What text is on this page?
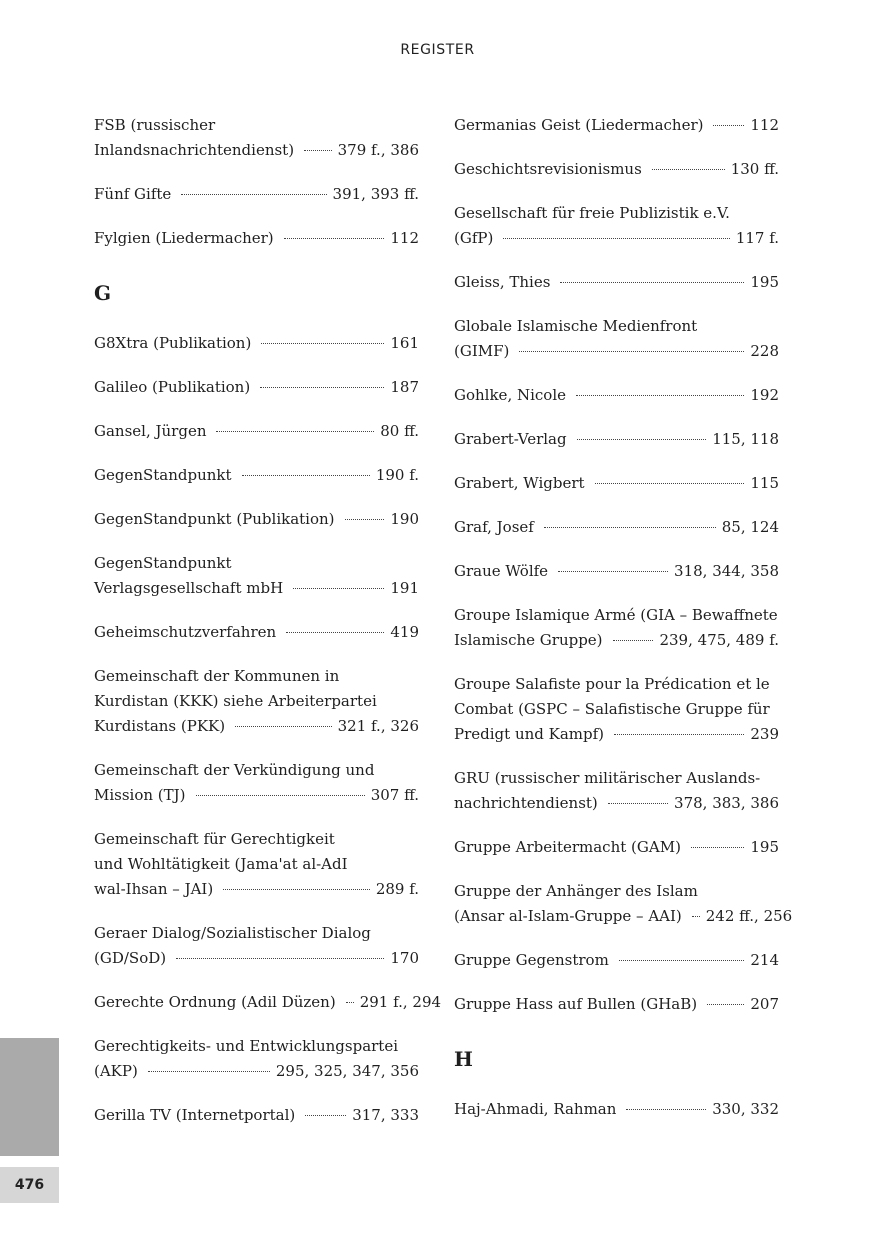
REGISTER
FSB (russischer
Inlandsnachrichtendienst)	379 f., 386
Fünf Gifte	391, 393 ff.
Fylgien (Liedermacher)	112
G
G8Xtra (Publikation)	161
Galileo (Publikation)	187
Gansel, Jürgen	80 ff.
GegenStandpunkt	190 f.
GegenStandpunkt (Publikation)	190
GegenStandpunkt
Verlagsgesellschaft mbH	191
Geheimschutzverfahren	419
Gemeinschaft der Kommunen in
Kurdistan (KKK) siehe Arbeiterpartei
Kurdistans (PKK)	321 f., 326
Gemeinschaft der Verkündigung und
Mission (TJ)	307 ff.
Gemeinschaft für Gerechtigkeit
und Wohltätigkeit (Jama'at al-AdI
wal-Ihsan – JAI)	289 f.
Geraer Dialog/Sozialistischer Dialog
(GD/SoD)	170
Gerechte Ordnung (Adil Düzen) 291 f., 294
Gerechtigkeits- und Entwicklungspartei
(AKP)	295, 325, 347, 356
Gerilla TV (Internetportal)	317, 333
Germanias Geist (Liedermacher)	112
Geschichtsrevisionismus	130 ff.
Gesellschaft für freie Publizistik e.V.
(GfP)	117 f.
Gleiss, Thies	195
Globale Islamische Medienfront
(GIMF)	228
Gohlke, Nicole	192
Grabert-Verlag	115, 118
Grabert, Wigbert	115
Graf, Josef	85, 124
Graue Wölfe	318, 344, 358
Groupe Islamique Armé (GIA – Bewaffnete
Islamische Gruppe)	239, 475, 489 f.
Groupe Salafiste pour la Prédication et le
Combat (GSPC – Salafistische Gruppe für
Predigt und Kampf)	239
GRU (russischer militärischer Auslands-
nachrichtendienst)	378, 383, 386
Gruppe Arbeitermacht (GAM)	195
Gruppe der Anhänger des Islam
(Ansar al-Islam-Gruppe – AAI) 242 ff., 256
Gruppe Gegenstrom	214
Gruppe Hass auf Bullen (GHaB)	207
H
Haj-Ahmadi, Rahman	330, 332
476
